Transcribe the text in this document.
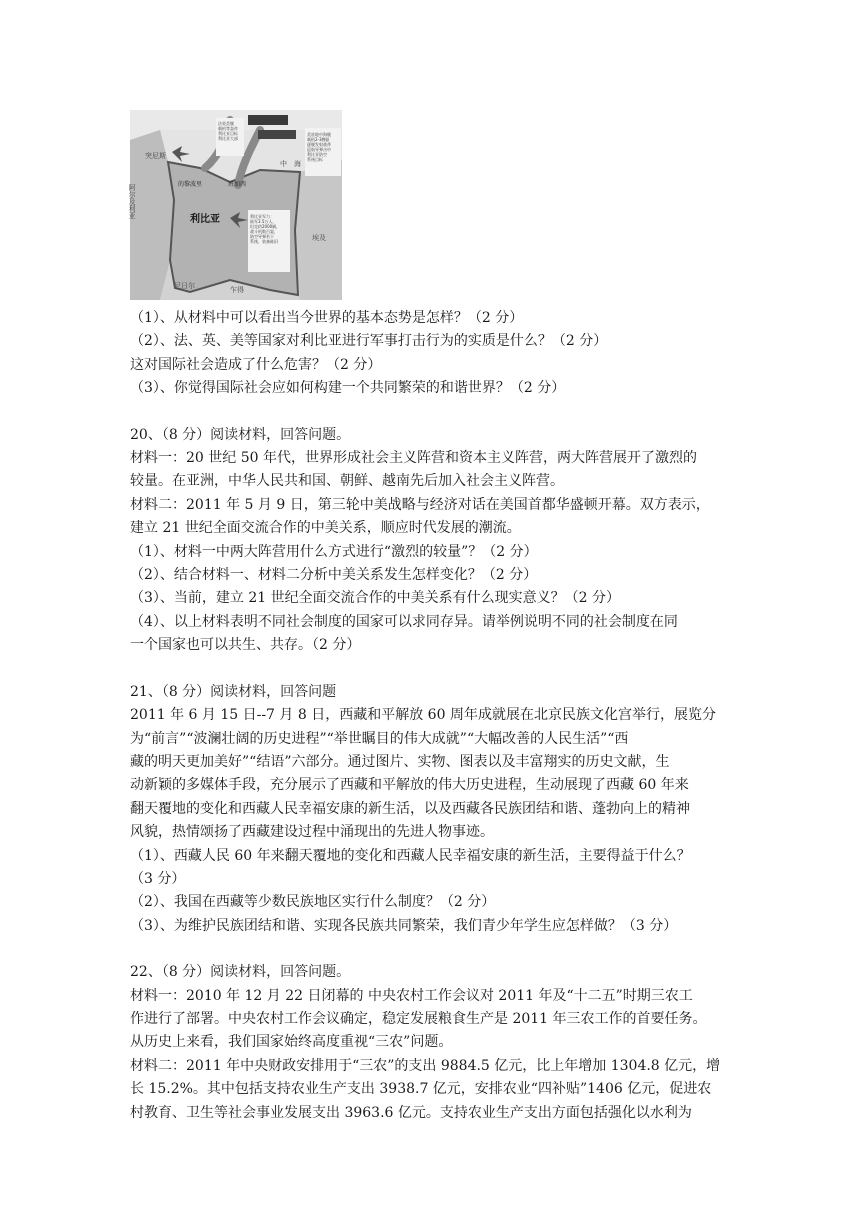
利比亚
中　海
突尼斯
阿尔及利亚
埃及
尼日尔	乍得
的黎波里	班加西
法英美舰载机等轰炸利比亚目标利比亚大部
美驻地中海舰载机2-3艘驱逐舰发射战斧巡航导弹击中利比亚防空系统目标
利比亚军力：陆军3.5万人，坦克约2000辆，战斗机数百架，防空导弹若干系统，装备陈旧
（1）、从材料中可以看出当今世界的基本态势是怎样？（2 分）
（2）、法、英、美等国家对利比亚进行军事打击行为的实质是什么？（2 分）
这对国际社会造成了什么危害？（2 分）
（3）、你觉得国际社会应如何构建一个共同繁荣的和谐世界？（2 分）
20、（8 分）阅读材料，回答问题。
材料一：20 世纪 50 年代，世界形成社会主义阵营和资本主义阵营，两大阵营展开了激烈的
较量。在亚洲，中华人民共和国、朝鲜、越南先后加入社会主义阵营。
材料二：2011 年 5 月 9 日，第三轮中美战略与经济对话在美国首都华盛顿开幕。双方表示，
建立 21 世纪全面交流合作的中美关系，顺应时代发展的潮流。
（1）、材料一中两大阵营用什么方式进行“激烈的较量”？（2 分）
（2）、结合材料一、材料二分析中美关系发生怎样变化？（2 分）
（3）、当前，建立 21 世纪全面交流合作的中美关系有什么现实意义？（2 分）
（4）、以上材料表明不同社会制度的国家可以求同存异。请举例说明不同的社会制度在同
一个国家也可以共生、共存。（2 分）
21、（8 分）阅读材料，回答问题
2011 年 6 月 15 日--7 月 8 日，西藏和平解放 60 周年成就展在北京民族文化宫举行，展览分
为“前言”“波澜壮阔的历史进程”“举世瞩目的伟大成就”“大幅改善的人民生活”“西
藏的明天更加美好”“结语”六部分。通过图片、实物、图表以及丰富翔实的历史文献，生
动新颖的多媒体手段，充分展示了西藏和平解放的伟大历史进程，生动展现了西藏 60 年来
翻天覆地的变化和西藏人民幸福安康的新生活，以及西藏各民族团结和谐、蓬勃向上的精神
风貌，热情颂扬了西藏建设过程中涌现出的先进人物事迹。
（1）、西藏人民 60 年来翻天覆地的变化和西藏人民幸福安康的新生活，主要得益于什么？
（3 分）
（2）、我国在西藏等少数民族地区实行什么制度？（2 分）
（3）、为维护民族团结和谐、实现各民族共同繁荣，我们青少年学生应怎样做？（3 分）
22、（8 分）阅读材料，回答问题。
材料一：2010 年 12 月 22 日闭幕的 中央农村工作会议对 2011 年及“十二五”时期三农工
作进行了部署。中央农村工作会议确定，稳定发展粮食生产是 2011 年三农工作的首要任务。
从历史上来看，我们国家始终高度重视“三农”问题。
材料二：2011 年中央财政安排用于“三农”的支出 9884.5 亿元，比上年增加 1304.8 亿元，增
长 15.2%。其中包括支持农业生产支出 3938.7 亿元，安排农业“四补贴”1406 亿元，促进农
村教育、卫生等社会事业发展支出 3963.6 亿元。支持农业生产支出方面包括强化以水利为
